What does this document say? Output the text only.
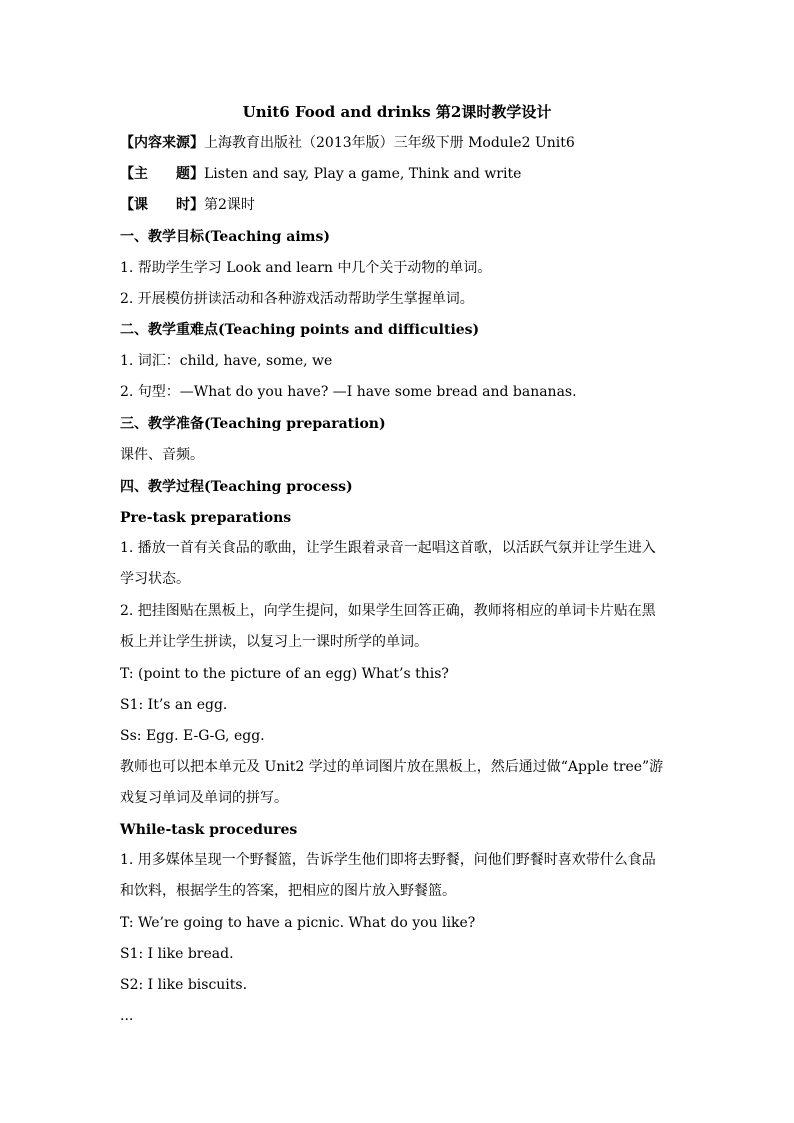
Unit6 Food and drinks 第2课时教学设计
【内容来源】上海教育出版社（2013年版）三年级下册 Module2 Unit6
【主　　题】Listen and say, Play a game, Think and write
【课　　时】第2课时
一、教学目标(Teaching aims)
1. 帮助学生学习 Look and learn 中几个关于动物的单词。
2. 开展模仿拼读活动和各种游戏活动帮助学生掌握单词。
二、教学重难点(Teaching points and difficulties)
1. 词汇：child, have, some, we
2. 句型：—What do you have? —I have some bread and bananas.
三、教学准备(Teaching preparation)
课件、音频。
四、教学过程(Teaching process)
Pre-task preparations
1. 播放一首有关食品的歌曲，让学生跟着录音一起唱这首歌，以活跃气氛并让学生进入学习状态。
2. 把挂图贴在黑板上，向学生提问，如果学生回答正确，教师将相应的单词卡片贴在黑板上并让学生拼读，以复习上一课时所学的单词。
T: (point to the picture of an egg) What’s this?
S1: It’s an egg.
Ss: Egg. E-G-G, egg.
教师也可以把本单元及 Unit2 学过的单词图片放在黑板上，然后通过做“Apple tree”游戏复习单词及单词的拼写。
While-task procedures
1. 用多媒体呈现一个野餐篮，告诉学生他们即将去野餐，问他们野餐时喜欢带什么食品和饮料，根据学生的答案，把相应的图片放入野餐篮。
T: We’re going to have a picnic. What do you like?
S1: I like bread.
S2: I like biscuits.
...
